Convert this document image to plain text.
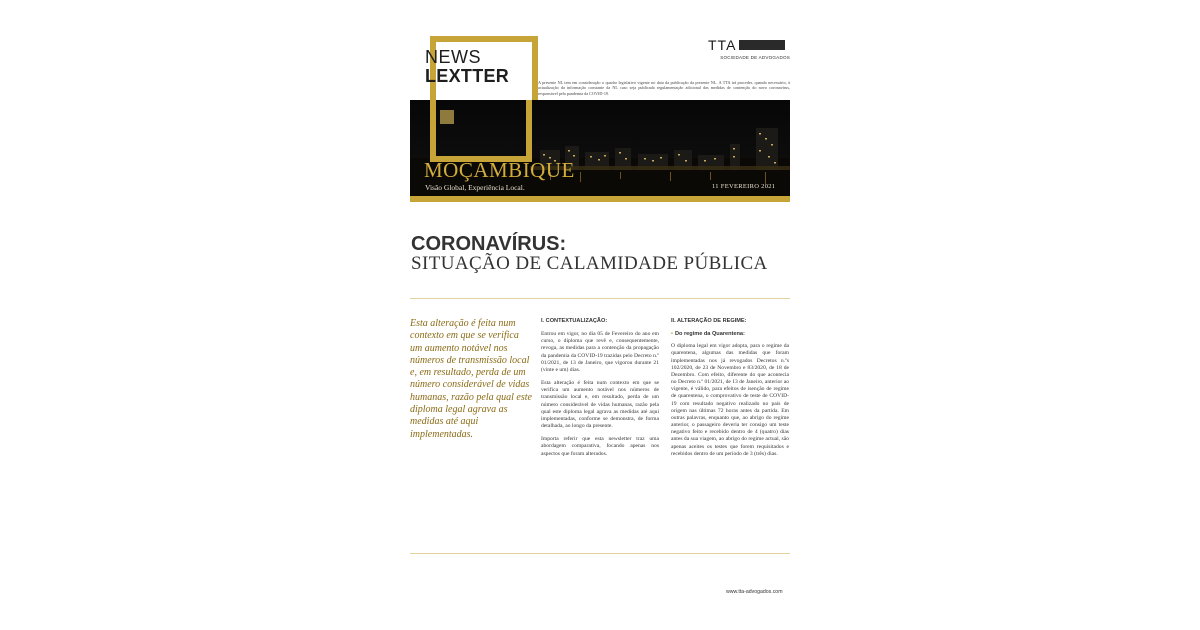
NEWS
LEXTTER
TTA
SOCIEDADE DE ADVOGADOS
A presente NL tem em consideração o quadro legislativo vigente no data da publicação da presente NL. A TTA irá proceder, quando necessário, à actualização da informação constante da NL caso seja publicada regulamentação adicional das medidas de contenção do novo coronavírus, responsável pela pandemia da COVID-19.
MOÇAMBIQUE
Visão Global, Experiência Local.	11 FEVEREIRO 2021
CORONAVÍRUS:
SITUAÇÃO DE CALAMIDADE PÚBLICA
Esta alteração é feita num contexto em que se verifica um aumento notável nos números de transmissão local e, em resultado, perda de um número considerável de vidas humanas, razão pela qual este diploma legal agrava as medidas até aqui implementadas.
I. CONTEXTUALIZAÇÃO:

Entrou em vigor, no dia 05 de Fevereiro do ano em curso, o diploma que revê e, consequentemente, revoga, as medidas para a contenção da propagação da pandemia da COVID-19 trazidas pelo Decreto n.º 01/2021, de 13 de Janeiro, que vigorou durante 21 (vinte e um) dias.

Esta alteração é feita num contexto em que se verifica um aumento notável nos números de transmissão local e, em resultado, perda de um número considerável de vidas humanas, razão pela qual este diploma legal agrava as medidas até aqui implementadas, conforme se demonstra, de forma detalhada, ao longo da presente.

Importa referir que esta newsletter traz uma abordagem comparativa, focando apenas nos aspectos que foram alterados.

II. ALTERAÇÃO DE REGIME:
• Do regime da Quarentena:

O diploma legal em vigor adopta, para o regime da quarentena, algumas das medidas que foram implementadas nos já revogados Decretos n.ºs 102/2020, de 23 de Novembro e 83/2020, de 18 de Dezembro. Com efeito, diferente do que acontecia no Decreto n.º 01/2021, de 13 de Janeiro, anterior ao vigente, é válido, para efeitos de isenção de regime de quarentena, o comprovativo de teste de COVID-19 com resultado negativo realizado no país de origem nas últimas 72 horas antes da partida. Em outras palavras, enquanto que, ao abrigo do regime anterior, o passageiro deveria ter consigo um teste negativo feito e recebido dentro de 4 (quatro) dias antes da sua viagem, ao abrigo do regime actual, são apenas aceites os testes que forem requisitados e recebidos dentro de um período de 3 (três) dias.

www.tta-advogados.com
